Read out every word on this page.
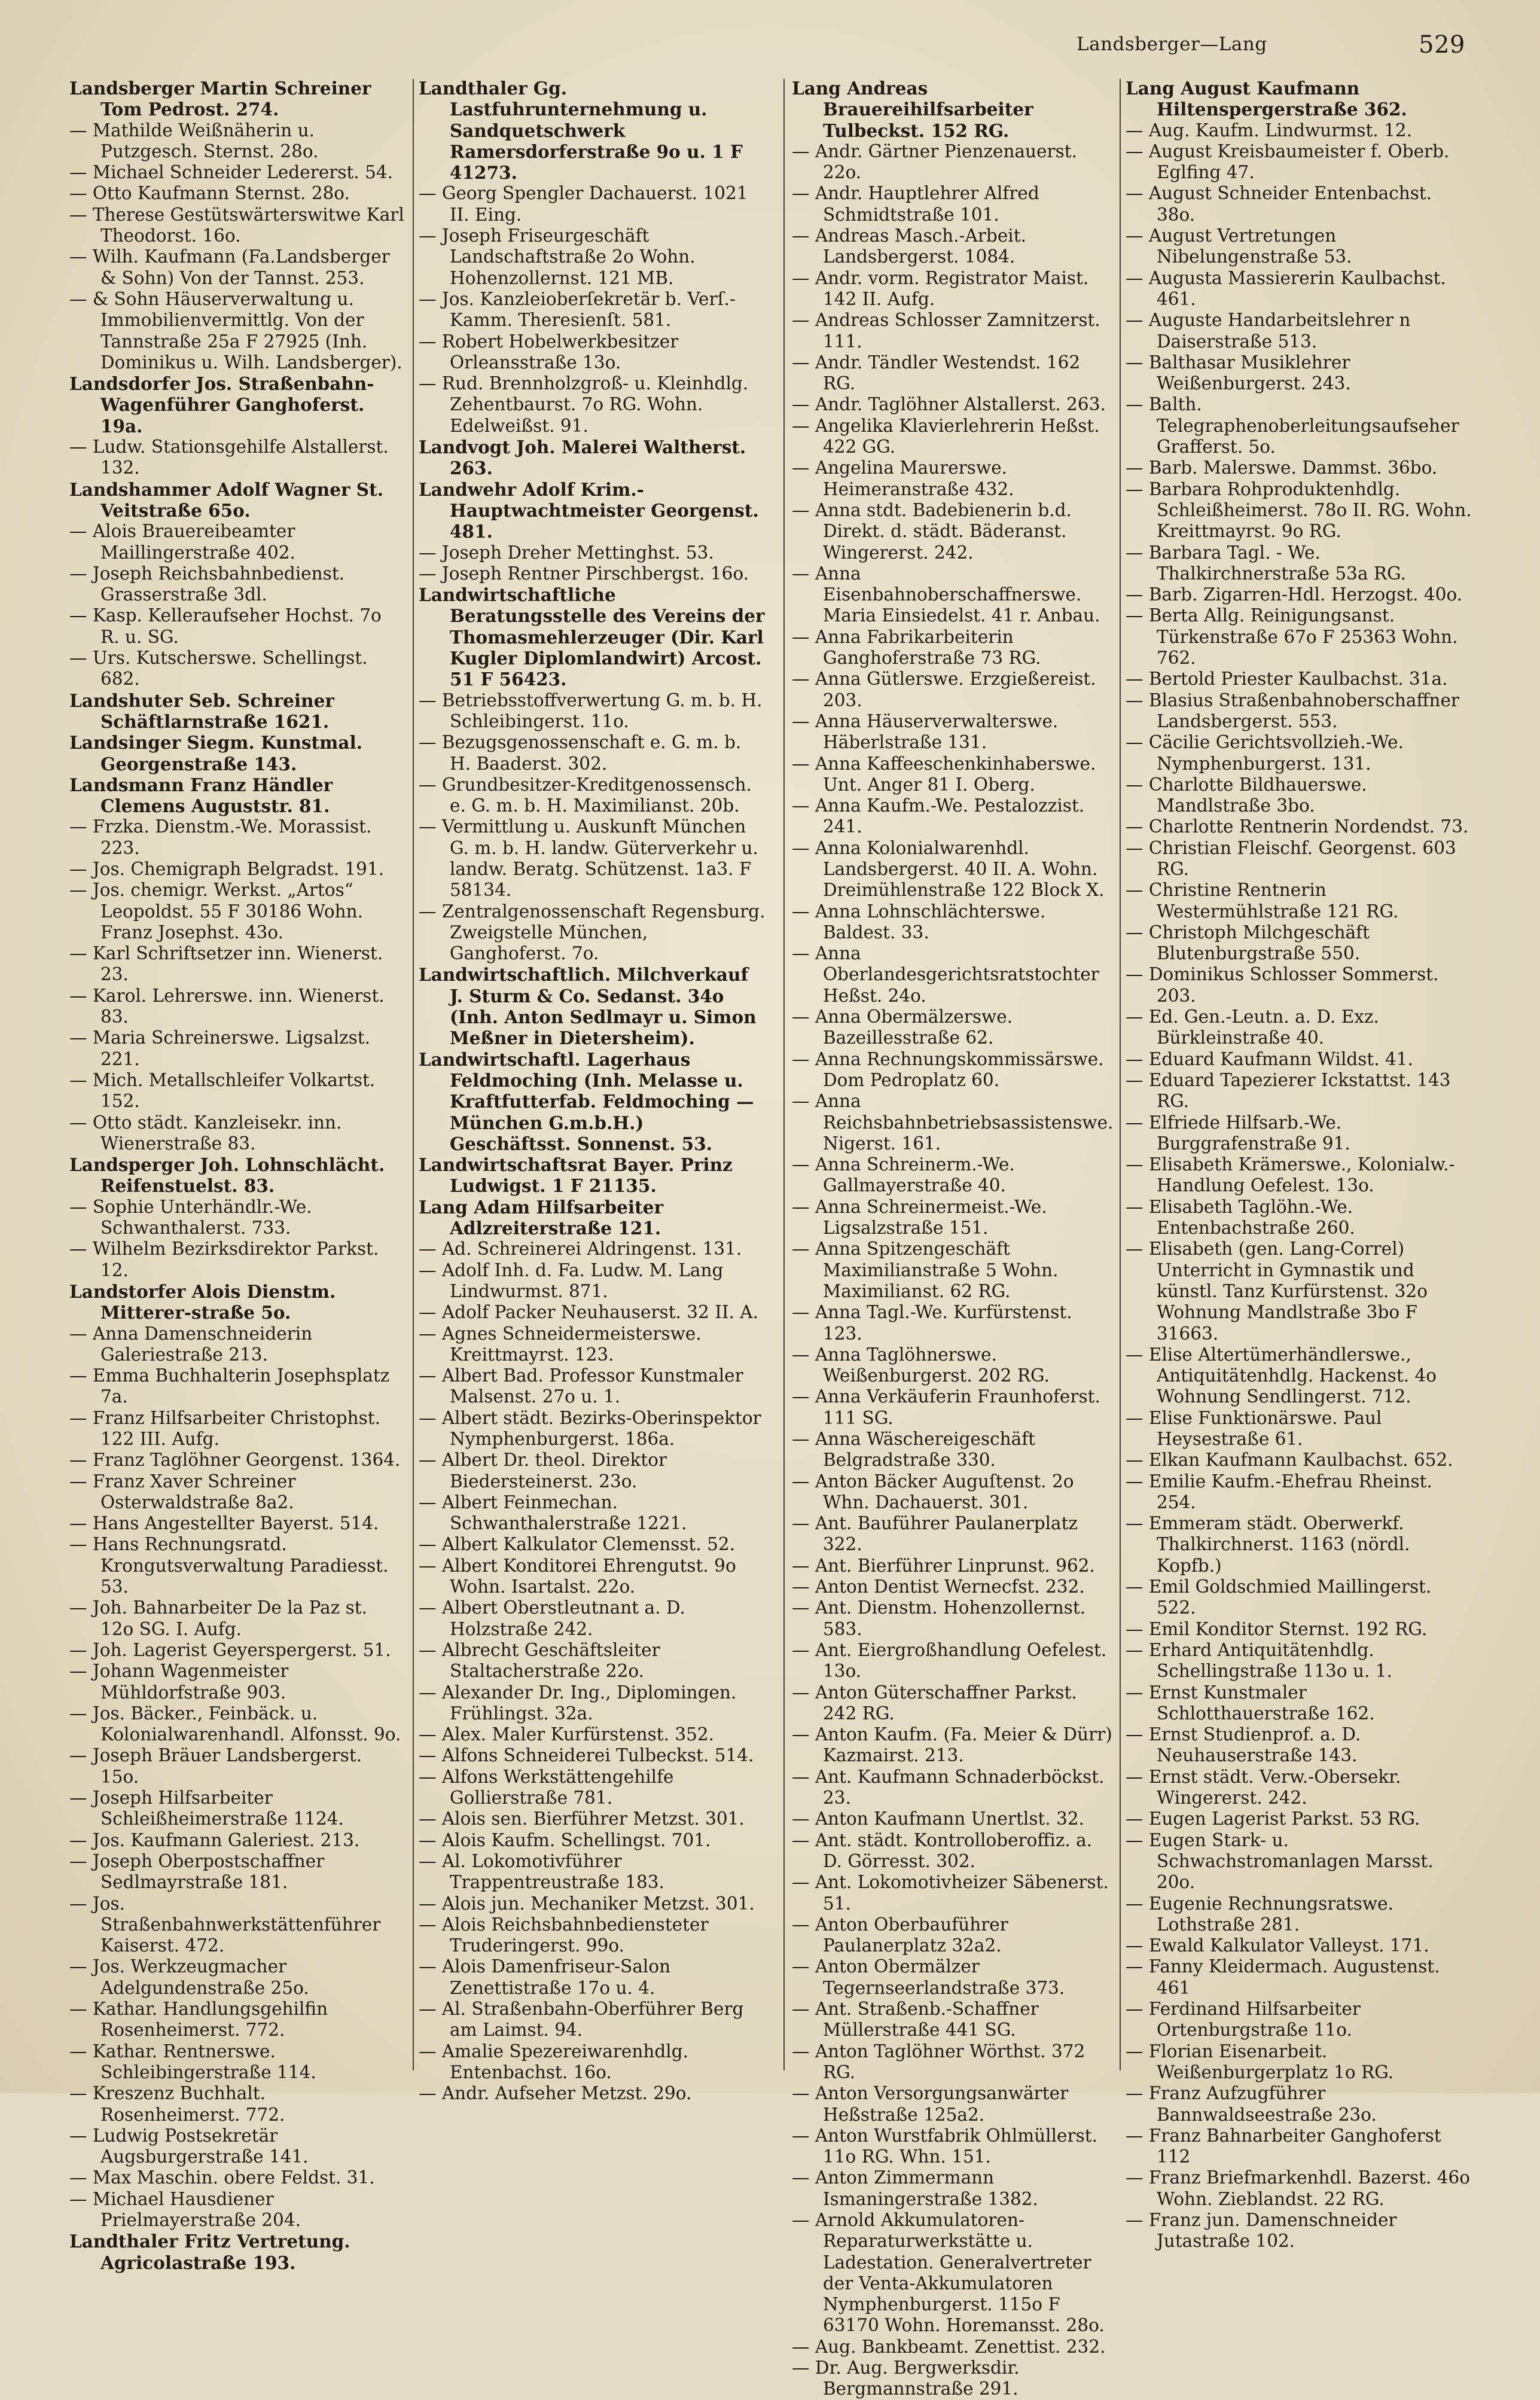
Landsberger—Lang	529
Landsberger Martin Schreiner Tom Pedrost. 274.
— Mathilde Weißnäherin u. Putzgesch. Sternst. 28o.
— Michael Schneider Ledererst. 54.
— Otto Kaufmann Sternst. 28o.
— Therese Gestütswärterswitwe Karl Theodorst. 16o.
— Wilh. Kaufmann (Fa.Landsberger & Sohn) Von der Tannst. 253.
— & Sohn Häuserverwaltung u. Immobilienvermittlg. Von der Tannstraße 25a F 27925 (Inh. Dominikus u. Wilh. Landsberger).
Landsdorfer Jos. Straßenbahn-Wagenführer Ganghoferst. 19a.
— Ludw. Stationsgehilfe Alstallerst. 132.
Landshammer Adolf Wagner St. Veitstraße 65o.
— Alois Brauereibeamter Maillingerstraße 402.
— Joseph Reichsbahnbedienst. Grasserstraße 3dl.
— Kasp. Kelleraufseher Hochst. 7o R. u. SG.
— Urs. Kutscherswe. Schellingst. 682.
Landshuter Seb. Schreiner Schäftlarnstraße 1621.
Landsinger Siegm. Kunstmal. Georgenstraße 143.
Landsmann Franz Händler Clemens Auguststr. 81.
— Frzka. Dienstm.-We. Morassist. 223.
— Jos. Chemigraph Belgradst. 191.
— Jos. chemigr. Werkst. „Artos“ Leopoldst. 55 F 30186 Wohn. Franz Josephst. 43o.
— Karl Schriftsetzer inn. Wienerst. 23.
— Karol. Lehrerswe. inn. Wienerst. 83.
— Maria Schreinerswe. Ligsalzst. 221.
— Mich. Metallschleifer Volkartst. 152.
— Otto städt. Kanzleisekr. inn. Wienerstraße 83.
Landsperger Joh. Lohnschlächt. Reifenstuelst. 83.
— Sophie Unterhändlr.-We. Schwanthalerst. 733.
— Wilhelm Bezirksdirektor Parkst. 12.
Landstorfer Alois Dienstm. Mitterer-straße 5o.
— Anna Damenschneiderin Galeriestraße 213.
— Emma Buchhalterin Josephsplatz 7a.
— Franz Hilfsarbeiter Christophst. 122 III. Aufg.
— Franz Taglöhner Georgenst. 1364.
— Franz Xaver Schreiner Osterwaldstraße 8a2.
— Hans Angestellter Bayerst. 514.
— Hans Rechnungsratd. Krongutsverwaltung Paradiesst. 53.
— Joh. Bahnarbeiter De la Paz st. 12o SG. I. Aufg.
— Joh. Lagerist Geyerspergerst. 51.
— Johann Wagenmeister Mühldorfstraße 903.
— Jos. Bäcker., Feinbäck. u. Kolonialwarenhandl. Alfonsst. 9o.
— Joseph Bräuer Landsbergerst. 15o.
— Joseph Hilfsarbeiter Schleißheimerstraße 1124.
— Jos. Kaufmann Galeriest. 213.
— Joseph Oberpostschaffner Sedlmayrstraße 181.
— Jos. Straßenbahnwerkstättenführer Kaiserst. 472.
— Jos. Werkzeugmacher Adelgundenstraße 25o.
— Kathar. Handlungsgehilfin Rosenheimerst. 772.
— Kathar. Rentnerswe. Schleibingerstraße 114.
— Kreszenz Buchhalt. Rosenheimerst. 772.
— Ludwig Postsekretär Augsburgerstraße 141.
— Max Maschin. obere Feldst. 31.
— Michael Hausdiener Prielmayerstraße 204.
Landthaler Fritz Vertretung. Agricolastraße 193.
Landthaler Gg. Lastfuhrunternehmung u. Sandquetschwerk Ramersdorferstraße 9o u. 1 F 41273.
— Georg Spengler Dachauerst. 1021 II. Eing.
— Joseph Friseurgeschäft Landschaftstraße 2o Wohn. Hohenzollernst. 121 MB.
— Jos. Kanzleioberſekretär b. Verſ.-Kamm. Theresienſt. 581.
— Robert Hobelwerkbesitzer Orleansstraße 13o.
— Rud. Brennholzgroß- u. Kleinhdlg. Zehentbaurst. 7o RG. Wohn. Edelweißst. 91.
Landvogt Joh. Malerei Waltherst. 263.
Landwehr Adolf Krim.-Hauptwachtmeister Georgenst. 481.
— Joseph Dreher Mettinghst. 53.
— Joseph Rentner Pirschbergst. 16o.
Landwirtschaftliche Beratungsstelle des Vereins der Thomasmehlerzeuger (Dir. Karl Kugler Diplomlandwirt) Arcost. 51 F 56423.
— Betriebsstoffverwertung G. m. b. H. Schleibingerst. 11o.
— Bezugsgenossenschaft e. G. m. b. H. Baaderst. 302.
— Grundbesitzer-Kreditgenossensch. e. G. m. b. H. Maximilianst. 20b.
— Vermittlung u. Auskunft München G. m. b. H. landw. Güterverkehr u. landw. Beratg. Schützenst. 1a3. F 58134.
— Zentralgenossenschaft Regensburg. Zweigstelle München, Ganghoferst. 7o.
Landwirtschaftlich. Milchverkauf J. Sturm & Co. Sedanst. 34o (Inh. Anton Sedlmayr u. Simon Meßner in Dietersheim).
Landwirtschaftl. Lagerhaus Feldmoching (Inh. Melasse u. Kraftfutterfab. Feldmoching — München G.m.b.H.) Geschäftsst. Sonnenst. 53.
Landwirtschaftsrat Bayer. Prinz Ludwigst. 1 F 21135.
Lang Adam Hilfsarbeiter Adlzreiterstraße 121.
— Ad. Schreinerei Aldringenst. 131.
— Adolf Inh. d. Fa. Ludw. M. Lang Lindwurmst. 871.
— Adolf Packer Neuhauserst. 32 II. A.
— Agnes Schneidermeisterswe. Kreittmayrst. 123.
— Albert Bad. Professor Kunstmaler Malsenst. 27o u. 1.
— Albert städt. Bezirks-Oberinspektor Nymphenburgerst. 186a.
— Albert Dr. theol. Direktor Biedersteinerst. 23o.
— Albert Feinmechan. Schwanthalerstraße 1221.
— Albert Kalkulator Clemensst. 52.
— Albert Konditorei Ehrengutst. 9o Wohn. Isartalst. 22o.
— Albert Oberstleutnant a. D. Holzstraße 242.
— Albrecht Geschäftsleiter Staltacherstraße 22o.
— Alexander Dr. Ing., Diplomingen. Frühlingst. 32a.
— Alex. Maler Kurfürstenst. 352.
— Alfons Schneiderei Tulbeckst. 514.
— Alfons Werkstättengehilfe Gollierstraße 781.
— Alois sen. Bierführer Metzst. 301.
— Alois Kaufm. Schellingst. 701.
— Al. Lokomotivführer Trappentreustraße 183.
— Alois jun. Mechaniker Metzst. 301.
— Alois Reichsbahnbediensteter Truderingerst. 99o.
— Alois Damenfriseur-Salon Zenettistraße 17o u. 4.
— Al. Straßenbahn-Oberführer Berg am Laimst. 94.
— Amalie Spezereiwarenhdlg. Entenbachst. 16o.
— Andr. Aufseher Metzst. 29o.
Lang Andreas Brauereihilfsarbeiter Tulbeckst. 152 RG.
— Andr. Gärtner Pienzenauerst. 22o.
— Andr. Hauptlehrer Alfred Schmidtstraße 101.
— Andreas Masch.-Arbeit. Landsbergerst. 1084.
— Andr. vorm. Registrator Maist. 142 II. Aufg.
— Andreas Schlosser Zamnitzerst. 111.
— Andr. Tändler Westendst. 162 RG.
— Andr. Taglöhner Alstallerst. 263.
— Angelika Klavierlehrerin Heßst. 422 GG.
— Angelina Maurerswe. Heimeranstraße 432.
— Anna stdt. Badebienerin b.d. Direkt. d. städt. Bäderanst. Wingererst. 242.
— Anna Eisenbahnoberschaffnerswe. Maria Einsiedelst. 41 r. Anbau.
— Anna Fabrikarbeiterin Ganghoferstraße 73 RG.
— Anna Gütlerswe. Erzgießereist. 203.
— Anna Häuserverwalterswe. Häberlstraße 131.
— Anna Kaffeeschenkinhaberswe. Unt. Anger 81 I. Oberg.
— Anna Kaufm.-We. Pestalozzist. 241.
— Anna Kolonialwarenhdl. Landsbergerst. 40 II. A. Wohn. Dreimühlenstraße 122 Block X.
— Anna Lohnschlächterswe. Baldest. 33.
— Anna Oberlandesgerichtsratstochter Heßst. 24o.
— Anna Obermälzerswe. Bazeillesstraße 62.
— Anna Rechnungskommissärswe. Dom Pedroplatz 60.
— Anna Reichsbahnbetriebsassistenswe. Nigerst. 161.
— Anna Schreinerm.-We. Gallmayerstraße 40.
— Anna Schreinermeist.-We. Ligsalzstraße 151.
— Anna Spitzengeschäft Maximilianstraße 5 Wohn. Maximilianst. 62 RG.
— Anna Tagl.-We. Kurfürstenst. 123.
— Anna Taglöhnerswe. Weißenburgerst. 202 RG.
— Anna Verkäuferin Fraunhoferst. 111 SG.
— Anna Wäschereigeschäft Belgradstraße 330.
— Anton Bäcker Auguſtenst. 2o Whn. Dachauerst. 301.
— Ant. Bauführer Paulanerplatz 322.
— Ant. Bierführer Linprunst. 962.
— Anton Dentist Wernecfst. 232.
— Ant. Dienstm. Hohenzollernst. 583.
— Ant. Eiergroßhandlung Oefelest. 13o.
— Anton Güterschaffner Parkst. 242 RG.
— Anton Kaufm. (Fa. Meier & Dürr) Kazmairst. 213.
— Ant. Kaufmann Schnaderböckst. 23.
— Anton Kaufmann Unertlst. 32.
— Ant. städt. Kontrolloberoffiz. a. D. Görresst. 302.
— Ant. Lokomotivheizer Säbenerst. 51.
— Anton Oberbauführer Paulanerplatz 32a2.
— Anton Obermälzer Tegernseerlandstraße 373.
— Ant. Straßenb.-Schaffner Müllerstraße 441 SG.
— Anton Taglöhner Wörthst. 372 RG.
— Anton Versorgungsanwärter Heßstraße 125a2.
— Anton Wurstfabrik Ohlmüllerst. 11o RG. Whn. 151.
— Anton Zimmermann Ismaningerstraße 1382.
— Arnold Akkumulatoren-Reparaturwerkstätte u. Ladestation. Generalvertreter der Venta-Akkumulatoren Nymphenburgerst. 115o F 63170 Wohn. Horemansst. 28o.
— Aug. Bankbeamt. Zenettist. 232.
— Dr. Aug. Bergwerksdir. Bergmannstraße 291.
Lang August Kaufmann Hiltenspergerstraße 362.
— Aug. Kaufm. Lindwurmst. 12.
— August Kreisbaumeister f. Oberb. Eglfing 47.
— August Schneider Entenbachst. 38o.
— August Vertretungen Nibelungenstraße 53.
— Augusta Massiererin Kaulbachst. 461.
— Auguste Handarbeitslehrer n Daiserstraße 513.
— Balthasar Musiklehrer Weißenburgerst. 243.
— Balth. Telegraphenoberleitungsaufseher Grafferst. 5o.
— Barb. Malerswe. Dammst. 36bo.
— Barbara Rohproduktenhdlg. Schleißheimerst. 78o II. RG. Wohn. Kreittmayrst. 9o RG.
— Barbara Tagl. - We. Thalkirchnerstraße 53a RG.
— Barb. Zigarren-Hdl. Herzogst. 40o.
— Berta Allg. Reinigungsanst. Türkenstraße 67o F 25363 Wohn. 762.
— Bertold Priester Kaulbachst. 31a.
— Blasius Straßenbahnoberschaffner Landsbergerst. 553.
— Cäcilie Gerichtsvollzieh.-We. Nymphenburgerst. 131.
— Charlotte Bildhauerswe. Mandlstraße 3bo.
— Charlotte Rentnerin Nordendst. 73.
— Christian Fleischf. Georgenst. 603 RG.
— Christine Rentnerin Westermühlstraße 121 RG.
— Christoph Milchgeschäft Blutenburgstraße 550.
— Dominikus Schlosser Sommerst. 203.
— Ed. Gen.-Leutn. a. D. Exz. Bürkleinstraße 40.
— Eduard Kaufmann Wildst. 41.
— Eduard Tapezierer Ickstattst. 143 RG.
— Elfriede Hilfsarb.-We. Burggrafenstraße 91.
— Elisabeth Krämerswe., Kolonialw.-Handlung Oefelest. 13o.
— Elisabeth Taglöhn.-We. Entenbachstraße 260.
— Elisabeth (gen. Lang-Correl) Unterricht in Gymnastik und künstl. Tanz Kurfürstenst. 32o Wohnung Mandlstraße 3bo F 31663.
— Elise Altertümerhändlerswe., Antiquitätenhdlg. Hackenst. 4o Wohnung Sendlingerst. 712.
— Elise Funktionärswe. Paul Heysestraße 61.
— Elkan Kaufmann Kaulbachst. 652.
— Emilie Kaufm.-Ehefrau Rheinst. 254.
— Emmeram städt. Oberwerkf. Thalkirchnerst. 1163 (nördl. Kopfb.)
— Emil Goldschmied Maillingerst. 522.
— Emil Konditor Sternst. 192 RG.
— Erhard Antiquitätenhdlg. Schellingstraße 113o u. 1.
— Ernst Kunstmaler Schlotthauerstraße 162.
— Ernst Studienprof. a. D. Neuhauserstraße 143.
— Ernst städt. Verw.-Obersekr. Wingererst. 242.
— Eugen Lagerist Parkst. 53 RG.
— Eugen Stark- u. Schwachstromanlagen Marsst. 20o.
— Eugenie Rechnungsratswe. Lothstraße 281.
— Ewald Kalkulator Valleyst. 171.
— Fanny Kleidermach. Augustenst. 461
— Ferdinand Hilfsarbeiter Ortenburgstraße 11o.
— Florian Eisenarbeit. Weißenburgerplatz 1o RG.
— Franz Aufzugführer Bannwaldseestraße 23o.
— Franz Bahnarbeiter Ganghoferst 112
— Franz Briefmarkenhdl. Bazerst. 46o Wohn. Zieblandst. 22 RG.
— Franz jun. Damenschneider Jutastraße 102.
